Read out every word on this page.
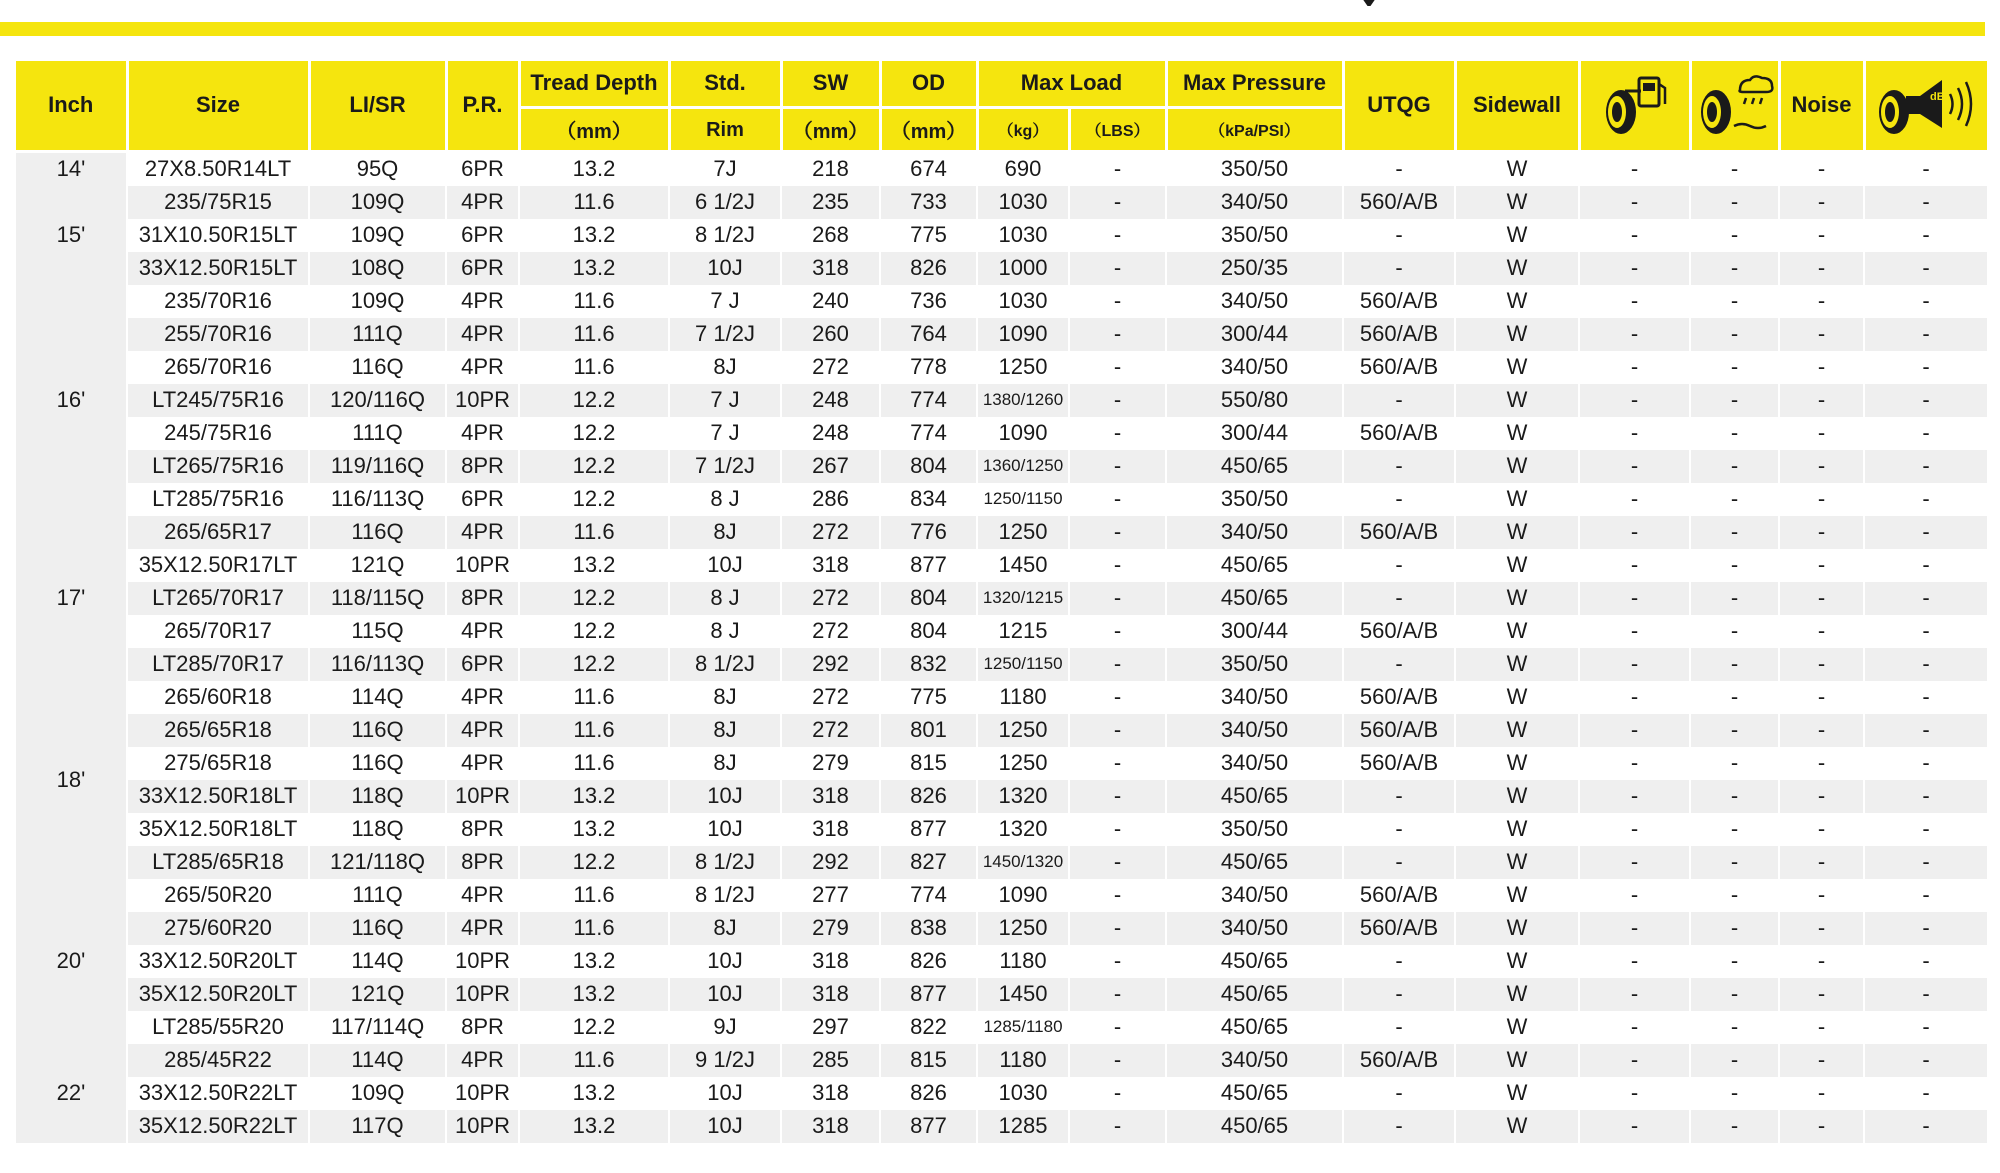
Inch	Size	LI/SR	P.R.	Tread Depth	Std.	SW	OD	Max Load		Max Pressure	UTQG	Sidewall			Noise	dB

				（mm）	Rim	（mm）	（mm）	（kg）	（LBS）	（kPa/PSI）						
14'	27X8.50R14LT	95Q	6PR	13.2	7J	218	674	690	-	350/50	-	W	-	-	-	-
15'	235/75R15	109Q	4PR	11.6	6 1/2J	235	733	1030	-	340/50	560/A/B	W	-	-	-	-
	31X10.50R15LT	109Q	6PR	13.2	8 1/2J	268	775	1030	-	350/50	-	W	-	-	-	-
	33X12.50R15LT	108Q	6PR	13.2	10J	318	826	1000	-	250/35	-	W	-	-	-	-
16'	235/70R16	109Q	4PR	11.6	7 J	240	736	1030	-	340/50	560/A/B	W	-	-	-	-
	255/70R16	111Q	4PR	11.6	7 1/2J	260	764	1090	-	300/44	560/A/B	W	-	-	-	-
	265/70R16	116Q	4PR	11.6	8J	272	778	1250	-	340/50	560/A/B	W	-	-	-	-
	LT245/75R16	120/116Q	10PR	12.2	7 J	248	774	1380/1260	-	550/80	-	W	-	-	-	-
	245/75R16	111Q	4PR	12.2	7 J	248	774	1090	-	300/44	560/A/B	W	-	-	-	-
	LT265/75R16	119/116Q	8PR	12.2	7 1/2J	267	804	1360/1250	-	450/65	-	W	-	-	-	-
	LT285/75R16	116/113Q	6PR	12.2	8 J	286	834	1250/1150	-	350/50	-	W	-	-	-	-
17'	265/65R17	116Q	4PR	11.6	8J	272	776	1250	-	340/50	560/A/B	W	-	-	-	-
	35X12.50R17LT	121Q	10PR	13.2	10J	318	877	1450	-	450/65	-	W	-	-	-	-
	LT265/70R17	118/115Q	8PR	12.2	8 J	272	804	1320/1215	-	450/65	-	W	-	-	-	-
	265/70R17	115Q	4PR	12.2	8 J	272	804	1215	-	300/44	560/A/B	W	-	-	-	-
	LT285/70R17	116/113Q	6PR	12.2	8 1/2J	292	832	1250/1150	-	350/50	-	W	-	-	-	-
18'	265/60R18	114Q	4PR	11.6	8J	272	775	1180	-	340/50	560/A/B	W	-	-	-	-
	265/65R18	116Q	4PR	11.6	8J	272	801	1250	-	340/50	560/A/B	W	-	-	-	-
	275/65R18	116Q	4PR	11.6	8J	279	815	1250	-	340/50	560/A/B	W	-	-	-	-
	33X12.50R18LT	118Q	10PR	13.2	10J	318	826	1320	-	450/65	-	W	-	-	-	-
	35X12.50R18LT	118Q	8PR	13.2	10J	318	877	1320	-	350/50	-	W	-	-	-	-
	LT285/65R18	121/118Q	8PR	12.2	8 1/2J	292	827	1450/1320	-	450/65	-	W	-	-	-	-
20'	265/50R20	111Q	4PR	11.6	8 1/2J	277	774	1090	-	340/50	560/A/B	W	-	-	-	-
	275/60R20	116Q	4PR	11.6	8J	279	838	1250	-	340/50	560/A/B	W	-	-	-	-
	33X12.50R20LT	114Q	10PR	13.2	10J	318	826	1180	-	450/65	-	W	-	-	-	-
	35X12.50R20LT	121Q	10PR	13.2	10J	318	877	1450	-	450/65	-	W	-	-	-	-
	LT285/55R20	117/114Q	8PR	12.2	9J	297	822	1285/1180	-	450/65	-	W	-	-	-	-
22'	285/45R22	114Q	4PR	11.6	9 1/2J	285	815	1180	-	340/50	560/A/B	W	-	-	-	-
	33X12.50R22LT	109Q	10PR	13.2	10J	318	826	1030	-	450/65	-	W	-	-	-	-
	35X12.50R22LT	117Q	10PR	13.2	10J	318	877	1285	-	450/65	-	W	-	-	-	-
